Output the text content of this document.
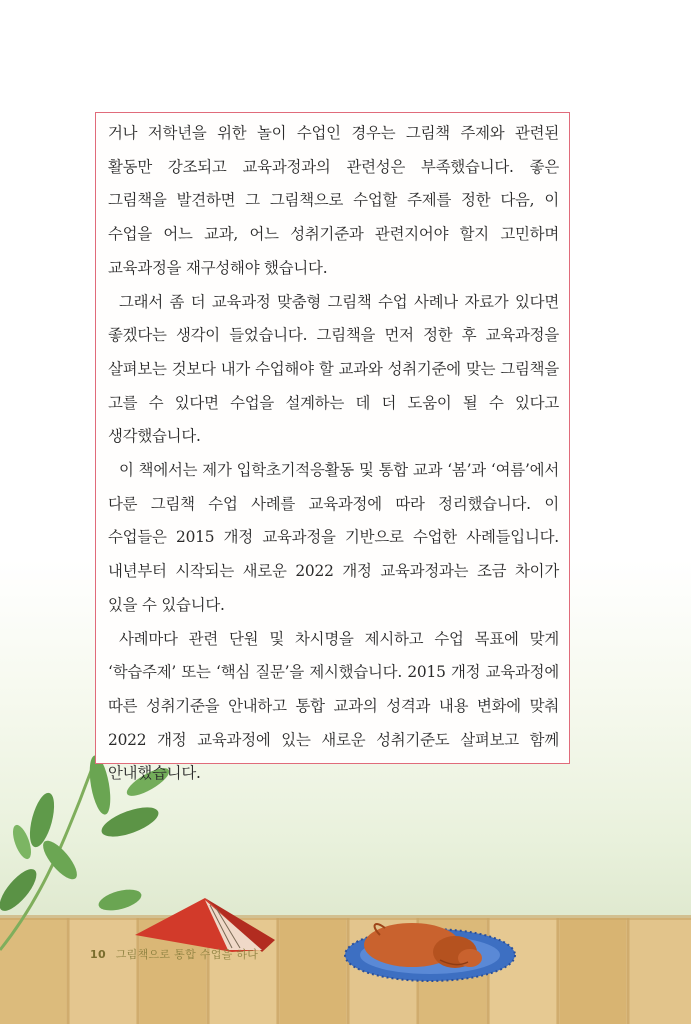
거나 저학년을 위한 놀이 수업인 경우는 그림책 주제와 관련된 활동만 강조되고 교육과정과의 관련성은 부족했습니다. 좋은 그림책을 발견하면 그 그림책으로 수업할 주제를 정한 다음, 이 수업을 어느 교과, 어느 성취기준과 관련지어야 할지 고민하며 교육과정을 재구성해야 했습니다.

그래서 좀 더 교육과정 맞춤형 그림책 수업 사례나 자료가 있다면 좋겠다는 생각이 들었습니다. 그림책을 먼저 정한 후 교육과정을 살펴보는 것보다 내가 수업해야 할 교과와 성취기준에 맞는 그림책을 고를 수 있다면 수업을 설계하는 데 더 도움이 될 수 있다고 생각했습니다.

이 책에서는 제가 입학초기적응활동 및 통합 교과 ‘봄’과 ‘여름’에서 다룬 그림책 수업 사례를 교육과정에 따라 정리했습니다. 이 수업들은 2015 개정 교육과정을 기반으로 수업한 사례들입니다. 내년부터 시작되는 새로운 2022 개정 교육과정과는 조금 차이가 있을 수 있습니다.

사례마다 관련 단원 및 차시명을 제시하고 수업 목표에 맞게 ‘학습주제’ 또는 ‘핵심 질문’을 제시했습니다. 2015 개정 교육과정에 따른 성취기준을 안내하고 통합 교과의 성격과 내용 변화에 맞춰 2022 개정 교육과정에 있는 새로운 성취기준도 살펴보고 함께 안내했습니다.

10 그림책으로 통합 수업을 하다
